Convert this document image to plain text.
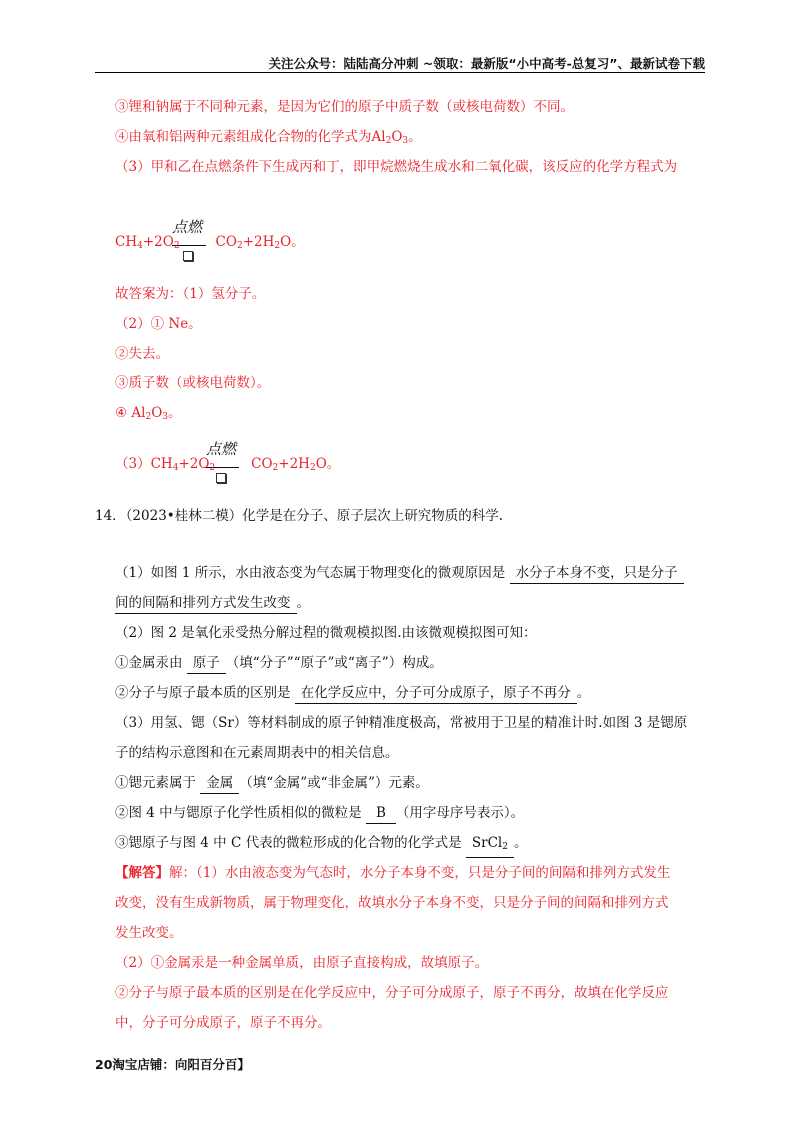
关注公众号：陆陆高分冲刺 ~领取：最新版“小中高考-总复习”、最新试卷下载
③锂和钠属于不同种元素，是因为它们的原子中质子数（或核电荷数）不同。
④由氧和铝两种元素组成化合物的化学式为$Al_2O_3$。
（3）甲和乙在点燃条件下生成丙和丁，即甲烷燃烧生成水和二氧化碳，该反应的化学方程式为
点燃
$CH_4+2O_2$	$CO_2+2H_2O$。
故答案为：（1）氢分子。
（2）① Ne。
②失去。
③质子数（或核电荷数）。
④ $Al_2O_3$。
点燃
$(3)CH_4+2O_2$	$CO_2+2H_2O$。
14．（2023•桂林二模）化学是在分子、原子层次上研究物质的科学.
（1）如图 1 所示，水由液态变为气态属于物理变化的微观原因是 水分子本身不变，只是分子
间的间隔和排列方式发生改变 。
（2）图 2 是氧化汞受热分解过程的微观模拟图.由该微观模拟图可知：
①金属汞由 原子 （填“分子”“原子”或“离子”）构成。
②分子与原子最本质的区别是 在化学反应中，分子可分成原子，原子不再分 。
（3）用氢、锶（Sr）等材料制成的原子钟精准度极高，常被用于卫星的精准计时.如图 3 是锶原
子的结构示意图和在元素周期表中的相关信息。
①锶元素属于 金属 （填“金属”或“非金属”）元素。
②图 4 中与锶原子化学性质相似的微粒是 B （用字母序号表示）。
③锶原子与图 4 中 C 代表的微粒形成的化合物的化学式是 SrCl$_2$ 。
【解答】解：（1）水由液态变为气态时，水分子本身不变，只是分子间的间隔和排列方式发生
改变，没有生成新物质，属于物理变化，故填水分子本身不变，只是分子间的间隔和排列方式
发生改变。
（2）①金属汞是一种金属单质，由原子直接构成，故填原子。
②分子与原子最本质的区别是在化学反应中，分子可分成原子，原子不再分，故填在化学反应
中，分子可分成原子，原子不再分。
20淘宝店铺：向阳百分百】
